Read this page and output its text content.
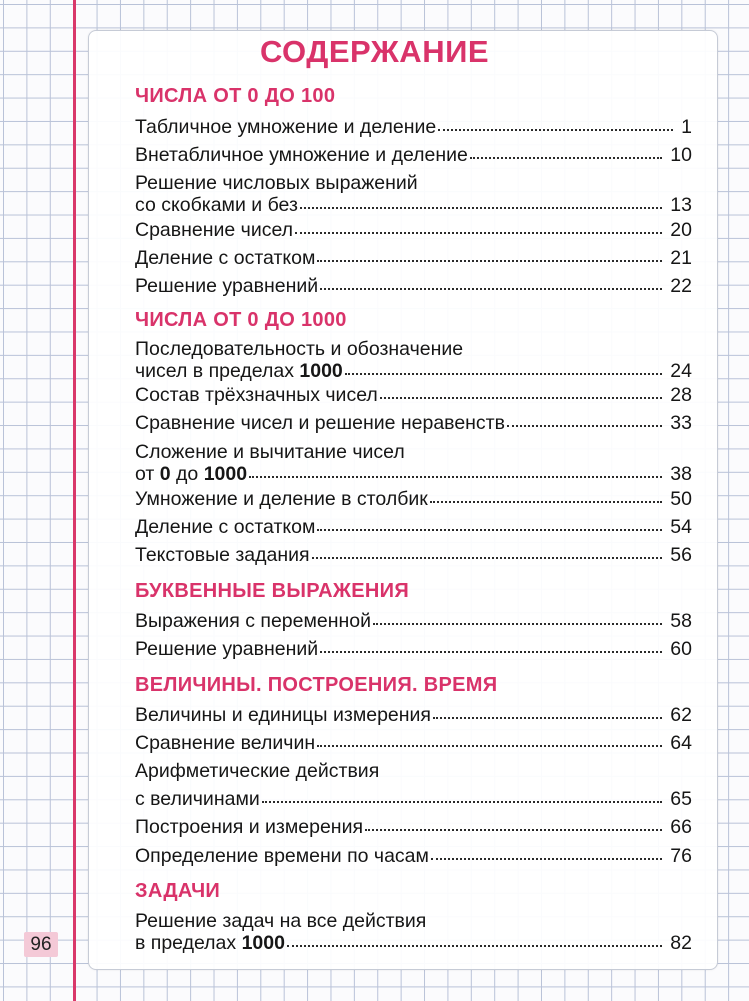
СОДЕРЖАНИЕ
ЧИСЛА ОТ 0 ДО 100
Табличное умножение и деление	1
Внетабличное умножение и деление	10
Решение числовых выражений
со скобками и без	13
Сравнение чисел	20
Деление с остатком	21
Решение уравнений	22
ЧИСЛА ОТ 0 ДО 1000
Последовательность и обозначение
чисел в пределах 1000	24
Состав трёхзначных чисел	28
Сравнение чисел и решение неравенств	33
Сложение и вычитание чисел
от 0 до 1000	38
Умножение и деление в столбик	50
Деление с остатком	54
Текстовые задания	56
БУКВЕННЫЕ ВЫРАЖЕНИЯ
Выражения с переменной	58
Решение уравнений	60
ВЕЛИЧИНЫ. ПОСТРОЕНИЯ. ВРЕМЯ
Величины и единицы измерения	62
Сравнение величин	64
Арифметические действия
с величинами	65
Построения и измерения	66
Определение времени по часам	76
ЗАДАЧИ
Решение задач на все действия
в пределах 1000	82
96
